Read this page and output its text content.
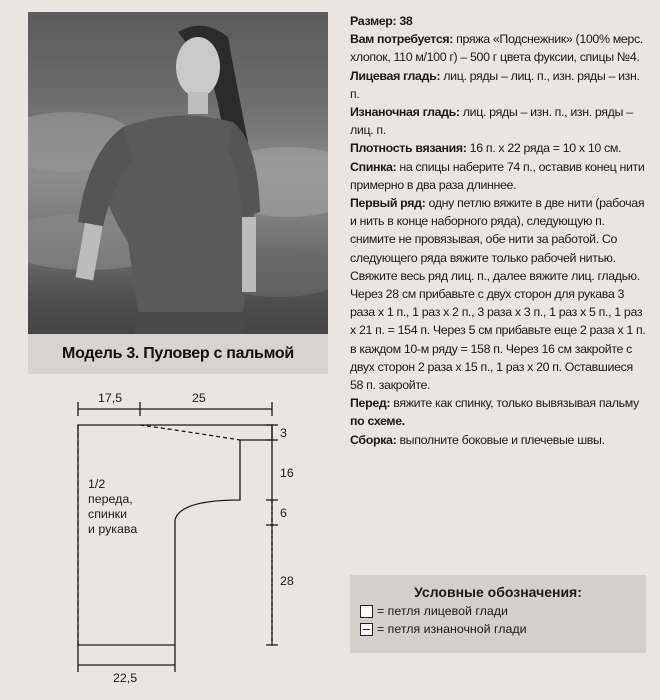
Модель 3. Пуловер с пальмой

Размер: 38

Вам потребуется: пряжа «Подснежник» (100% мерс. хлопок, 110 м/100 г) – 500 г цвета фуксии, спицы №4.

Лицевая гладь: лиц. ряды – лиц. п., изн. ряды – изн. п.

Изнаночная гладь: лиц. ряды – изн. п., изн. ряды – лиц. п.

Плотность вязания: 16 п. х 22 ряда = 10 х 10 см.

Спинка: на спицы наберите 74 п., оставив конец нити примерно в два раза длиннее.

Первый ряд: одну петлю вяжите в две нити (рабочая и нить в конце наборного ряда), следующую п. снимите не провязывая, обе нити за работой. Со следующего ряда вяжите только рабочей нитью. Свяжите весь ряд лиц. п., далее вяжите лиц. гладью. Через 28 см прибавьте с двух сторон для рукава 3 раза х 1 п., 1 раз х 2 п., 3 раза х 3 п., 1 раз х 5 п., 1 раз х 21 п. = 154 п. Через 5 см прибавьте еще 2 раза х 1 п. в каждом 10-м ряду = 158 п. Через 16 см закройте с двух сторон 2 раза х 15 п., 1 раз х 20 п. Оставшиеся 58 п. закройте.

Перед: вяжите как спинку, только вывязывая пальму по схеме.

Сборка: выполните боковые и плечевые швы.

Условные обозначения:
= петля лицевой глади
= петля изнаночной глади
17,5	25
3
16
6
28
22,5
1/2
переда,
спинки
и рукава
